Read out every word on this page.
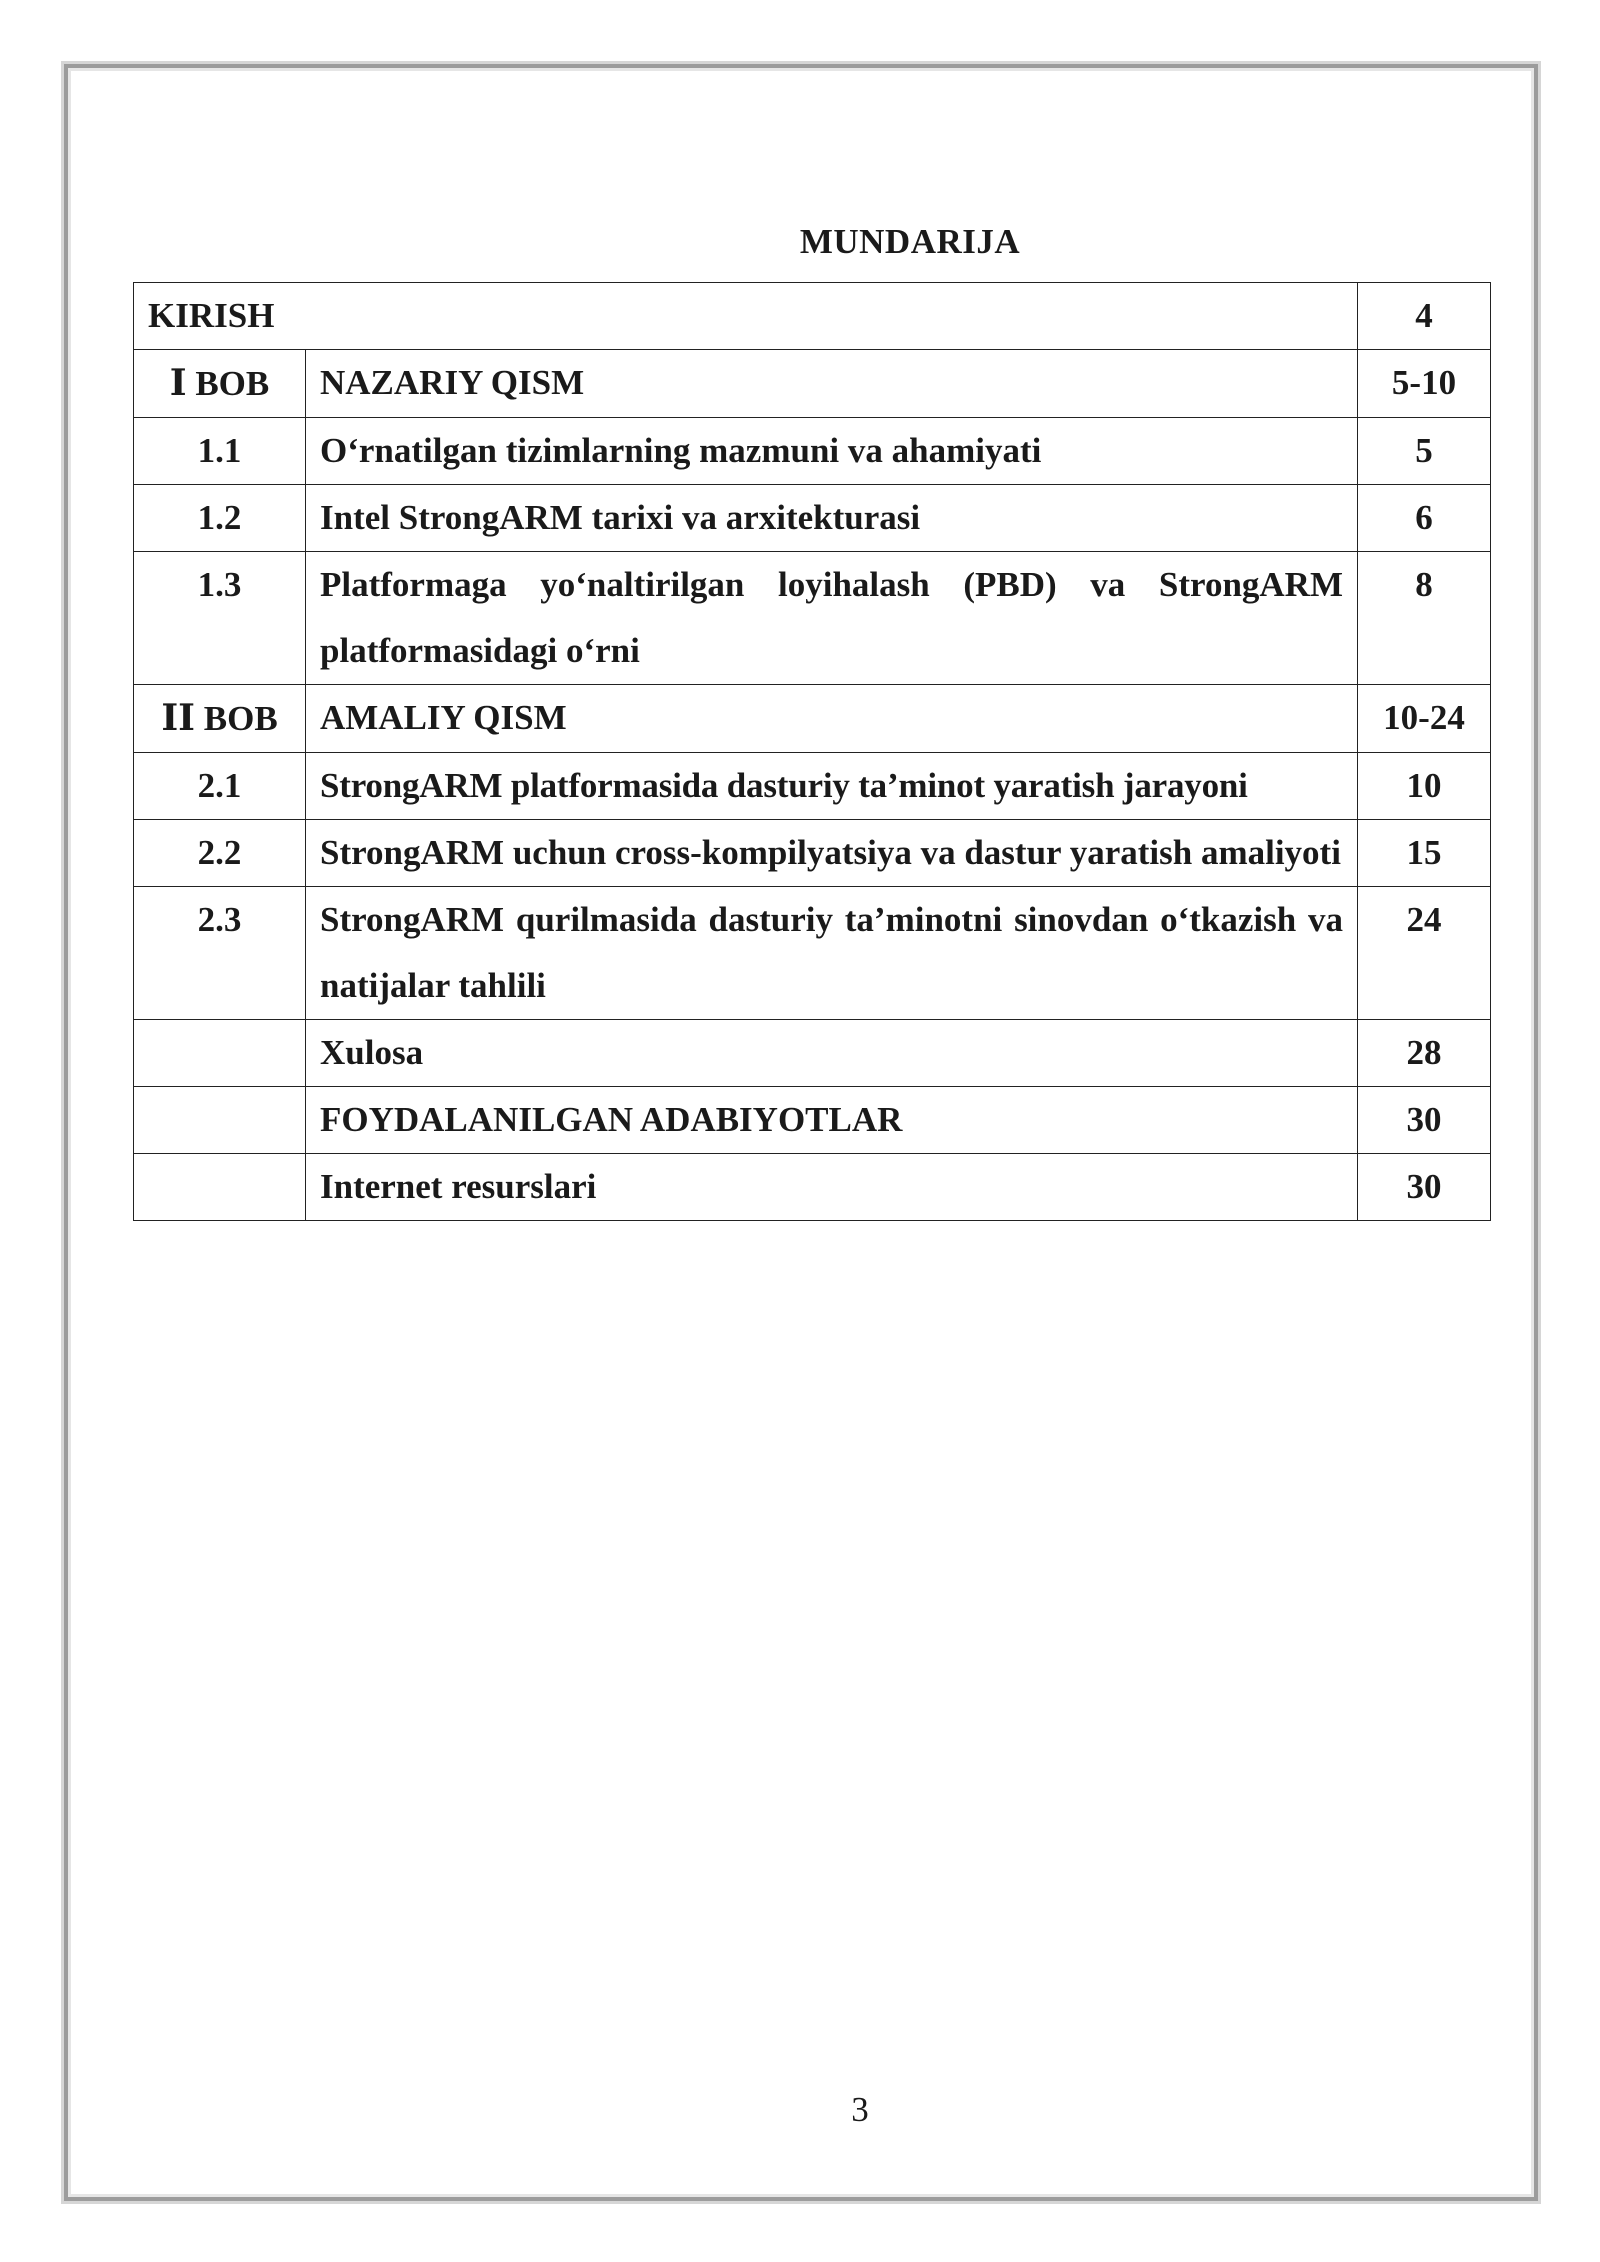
MUNDARIJA
KIRISH		4
I BOB	NAZARIY QISM	5-10
1.1	O‘rnatilgan tizimlarning mazmuni va ahamiyati	5
1.2	Intel StrongARM tarixi va arxitekturasi	6
1.3	Platformaga yo‘naltirilgan loyihalash (PBD) va StrongARM platformasidagi o‘rni	8
II BOB	AMALIY QISM	10-24
2.1	StrongARM platformasida dasturiy ta’minot yaratish jarayoni	10
2.2	StrongARM uchun cross-kompilyatsiya va dastur yaratish amaliyoti	15
2.3	StrongARM qurilmasida dasturiy ta’minotni sinovdan o‘tkazish va natijalar tahlili	24
	Xulosa	28
	FOYDALANILGAN ADABIYOTLAR	30
	Internet resurslari	30
3
